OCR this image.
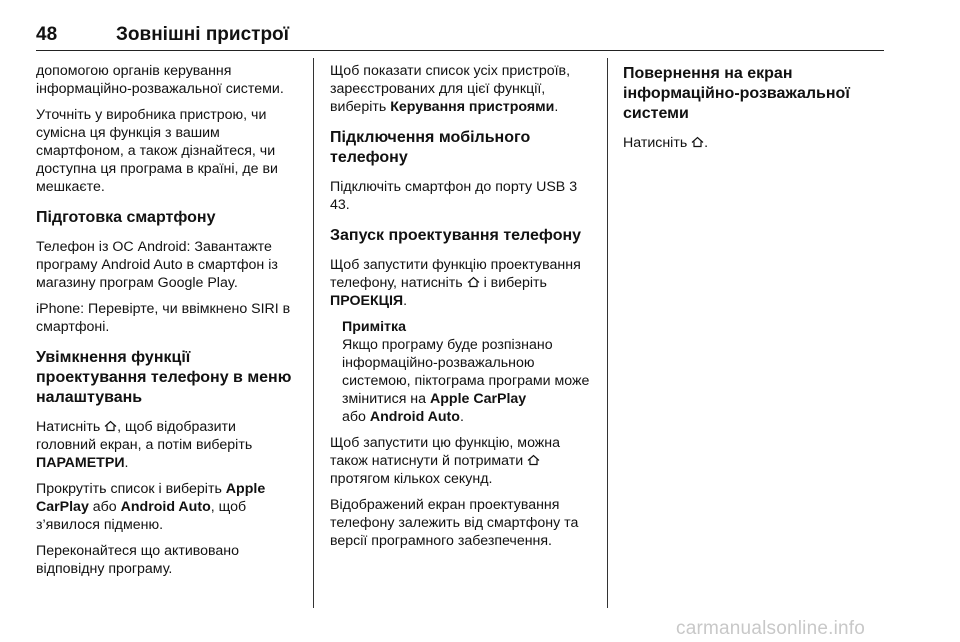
48	Зовнішні пристрої

допомогою органів керування інформаційно-розважальної системи.

Уточніть у виробника пристрою, чи сумісна ця функція з вашим смартфоном, а також дізнайтеся, чи доступна ця програма в країні, де ви мешкаєте.

Підготовка смартфону

Телефон із ОС Android: Завантажте програму Android Auto в смартфон із магазину програм Google Play.

iPhone: Перевірте, чи ввімкнено SIRI в смартфоні.

Увімкнення функції проектування телефону в меню налаштувань

Натисніть , щоб відобразити головний екран, а потім виберіть ПАРАМЕТРИ.

Прокрутіть список і виберіть Apple CarPlay або Android Auto, щоб з’явилося підменю.

Переконайтеся що активовано відповідну програму.

Щоб показати список усіх пристроїв, зареєстрованих для цієї функції, виберіть Керування пристроями.

Підключення мобільного телефону

Підключіть смартфон до порту USB 3 43.

Запуск проектування телефону

Щоб запустити функцію проектування телефону, натисніть
і виберіть ПРОЕКЦІЯ.

Примітка
Якщо програму буде розпізнано інформаційно-розважальною системою, піктограма програми може змінитися на Apple CarPlay
або Android Auto.

Щоб запустити цю функцію, можна також натиснути й потримати
протягом кількох секунд.

Відображений екран проектування телефону залежить від смартфону та версії програмного забезпечення.

Повернення на екран інформаційно-розважальної системи

Натисніть .

carmanualsonline.info
